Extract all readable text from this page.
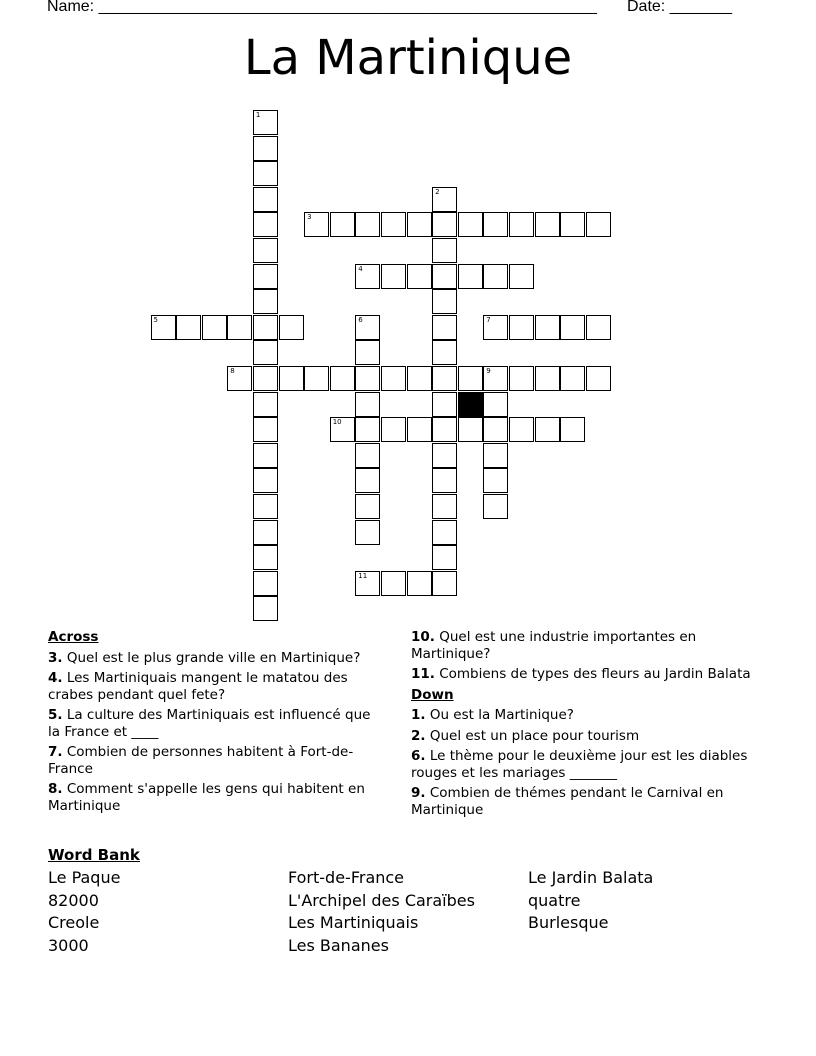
Name: ________________________________________________________ Date: _______
La Martinique
1
2
3
4
5	6	7
8	9
10
11
Across
3. Quel est le plus grande ville en Martinique?
4. Les Martiniquais mangent le matatou des crabes pendant quel fete?
5. La culture des Martiniquais est influencé que la France et ____
7. Combien de personnes habitent à Fort-de-France
8. Comment s'appelle les gens qui habitent en Martinique
10. Quel est une industrie importantes en Martinique?
11. Combiens de types des fleurs au Jardin Balata
Down
1. Ou est la Martinique?
2. Quel est un place pour tourism
6. Le thème pour le deuxième jour est les diables rouges et les mariages _______
9. Combien de thémes pendant le Carnival en Martinique
Word Bank
Le Paque
82000
Creole
3000
Fort-de-France
L'Archipel des Caraïbes
Les Martiniquais
Les Bananes
Le Jardin Balata
quatre
Burlesque
